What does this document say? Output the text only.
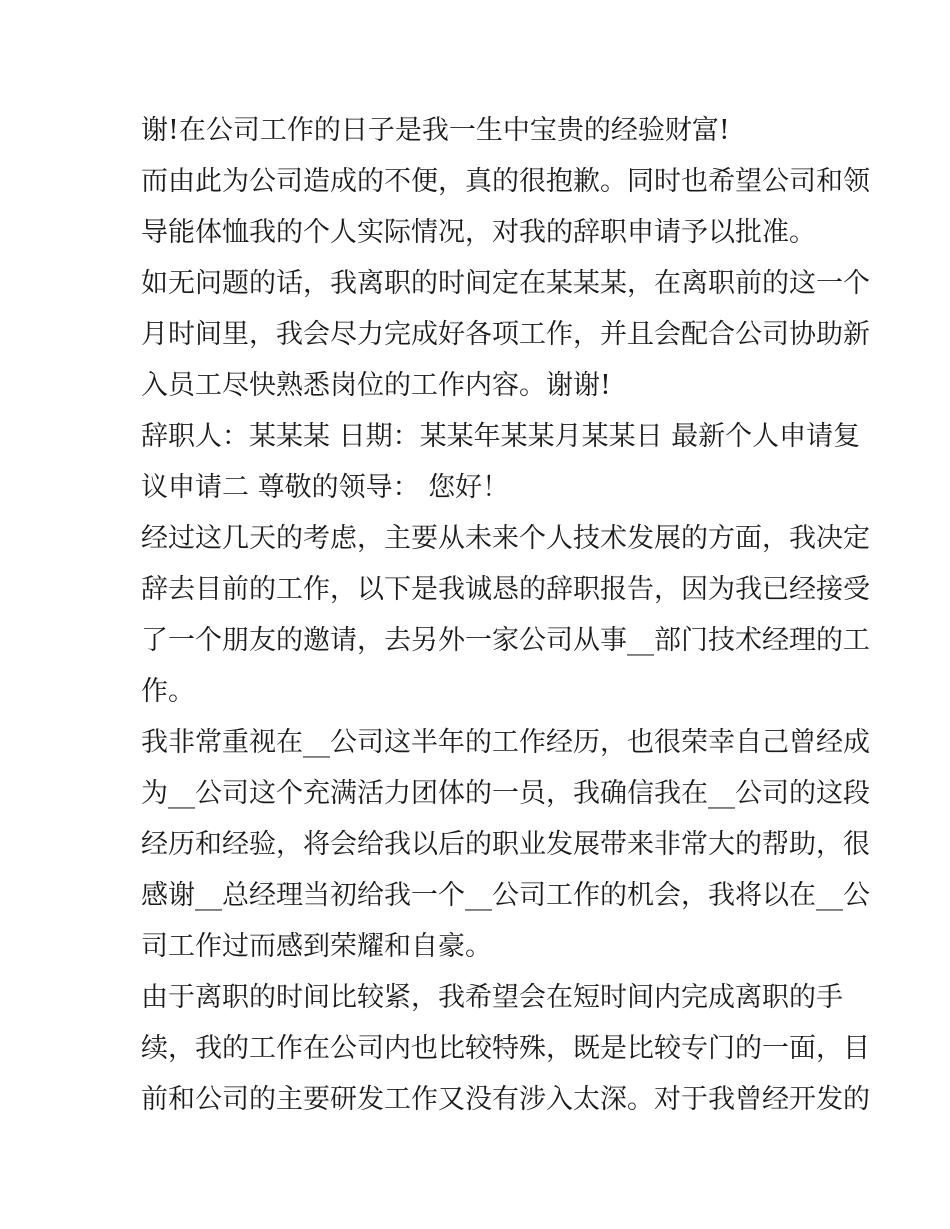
谢!在公司工作的日子是我一生中宝贵的经验财富!
而由此为公司造成的不便，真的很抱歉。同时也希望公司和领
导能体恤我的个人实际情况，对我的辞职申请予以批准。
如无问题的话，我离职的时间定在某某某，在离职前的这一个
月时间里，我会尽力完成好各项工作，并且会配合公司协助新
入员工尽快熟悉岗位的工作内容。谢谢!
辞职人：某某某 日期：某某年某某月某某日 最新个人申请复
议申请二 尊敬的领导： 您好！
经过这几天的考虑，主要从未来个人技术发展的方面，我决定
辞去目前的工作，以下是我诚恳的辞职报告，因为我已经接受
了一个朋友的邀请，去另外一家公司从事__部门技术经理的工
作。
我非常重视在__公司这半年的工作经历，也很荣幸自己曾经成
为__公司这个充满活力团体的一员，我确信我在__公司的这段
经历和经验，将会给我以后的职业发展带来非常大的帮助，很
感谢__总经理当初给我一个__公司工作的机会，我将以在__公
司工作过而感到荣耀和自豪。
由于离职的时间比较紧，我希望会在短时间内完成离职的手
续，我的工作在公司内也比较特殊，既是比较专门的一面，目
前和公司的主要研发工作又没有涉入太深。对于我曾经开发的
